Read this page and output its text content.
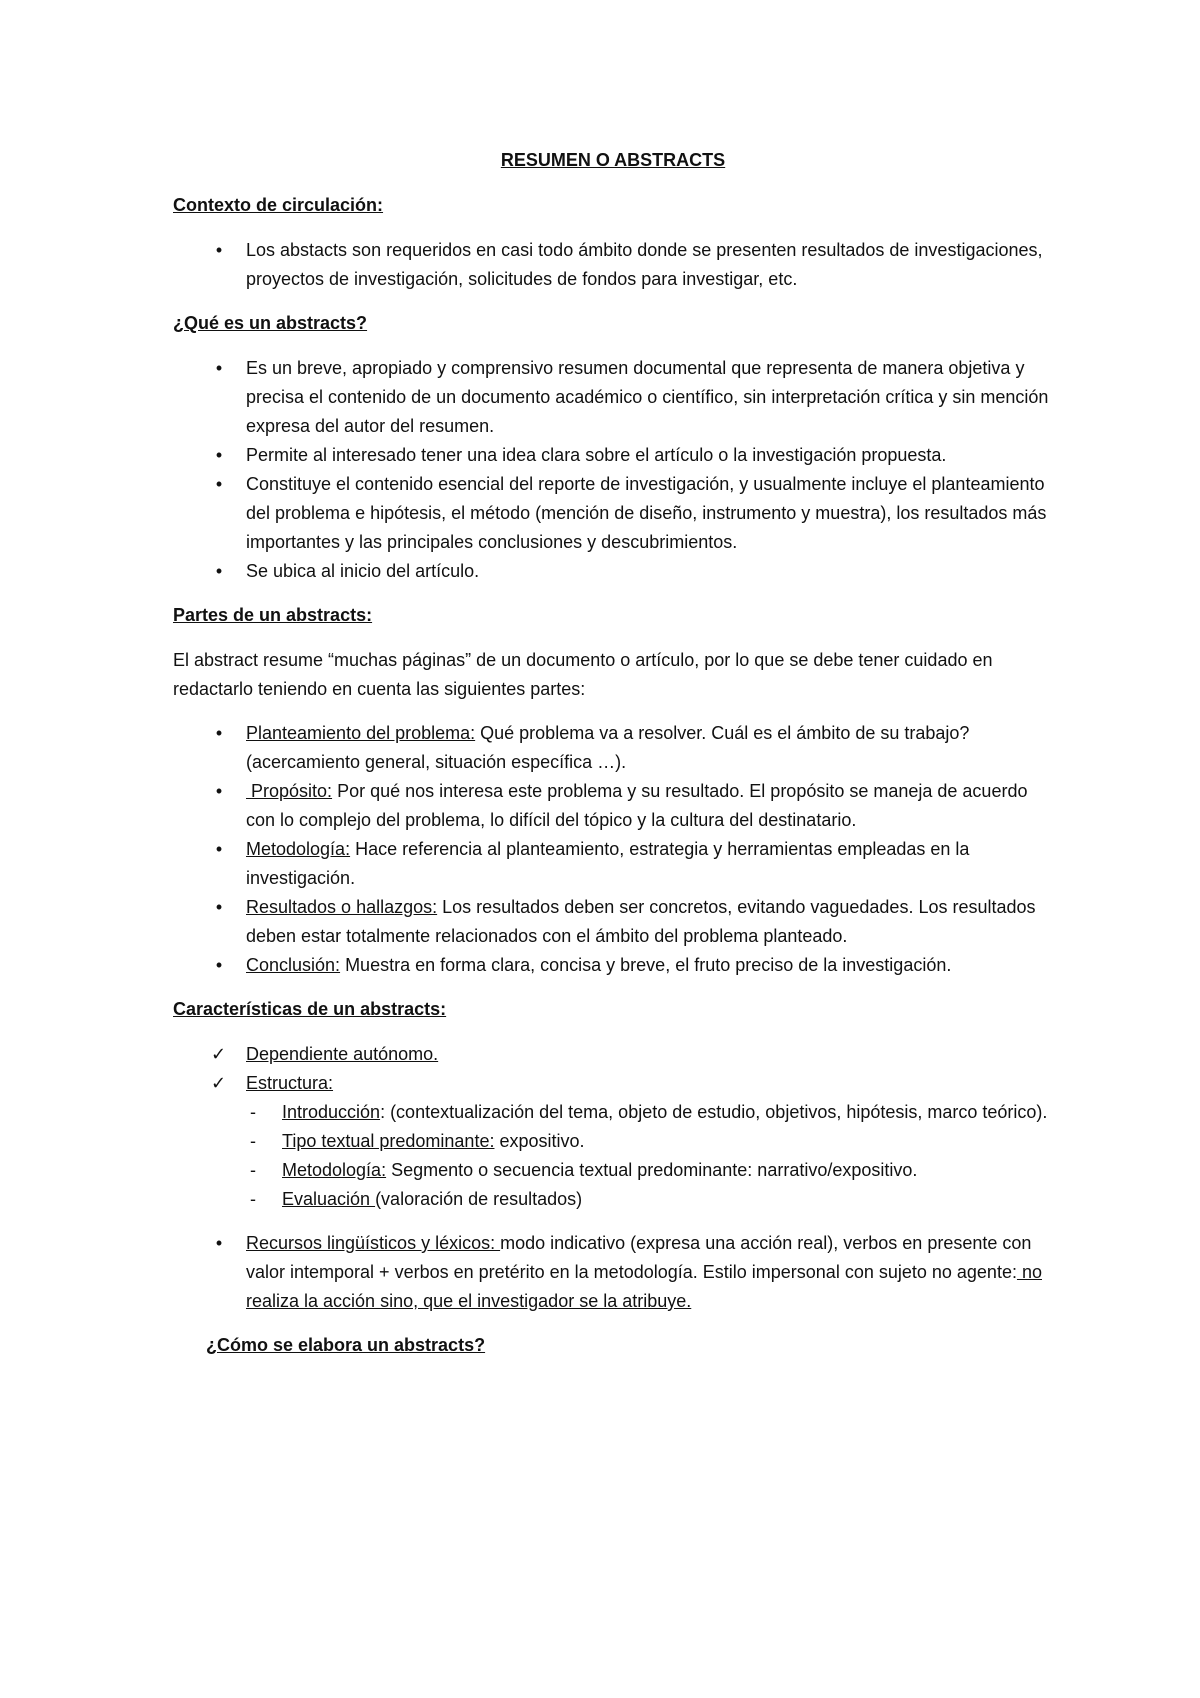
RESUMEN O ABSTRACTS
Contexto de circulación:
• Los abstacts son requeridos en casi todo ámbito donde se presenten resultados de investigaciones, proyectos de investigación, solicitudes de fondos para investigar, etc.
¿Qué es un abstracts?
• Es un breve, apropiado y comprensivo resumen documental que representa de manera objetiva y precisa el contenido de un documento académico o científico, sin interpretación crítica y sin mención expresa del autor del resumen.
• Permite al interesado tener una idea clara sobre el artículo o la investigación propuesta.
• Constituye el contenido esencial del reporte de investigación, y usualmente incluye el planteamiento del problema e hipótesis, el método (mención de diseño, instrumento y muestra), los resultados más importantes y las principales conclusiones y descubrimientos.
• Se ubica al inicio del artículo.
Partes de un abstracts:

El abstract resume “muchas páginas” de un documento o artículo, por lo que se debe tener cuidado en redactarlo teniendo en cuenta las siguientes partes:

• Planteamiento del problema: Qué problema va a resolver. Cuál es el ámbito de su trabajo? (acercamiento general, situación específica …).
• Propósito: Por qué nos interesa este problema y su resultado. El propósito se maneja de acuerdo con lo complejo del problema, lo difícil del tópico y la cultura del destinatario.
• Metodología: Hace referencia al planteamiento, estrategia y herramientas empleadas en la investigación.
• Resultados o hallazgos: Los resultados deben ser concretos, evitando vaguedades. Los resultados deben estar totalmente relacionados con el ámbito del problema planteado.
• Conclusión: Muestra en forma clara, concisa y breve, el fruto preciso de la investigación.
Características de un abstracts:
✓ Dependiente autónomo.
✓ Estructura:
- Introducción: (contextualización del tema, objeto de estudio, objetivos, hipótesis, marco teórico).
- Tipo textual predominante: expositivo.
- Metodología: Segmento o secuencia textual predominante: narrativo/expositivo.
- Evaluación (valoración de resultados)
• Recursos lingüísticos y léxicos: modo indicativo (expresa una acción real), verbos en presente con valor intemporal + verbos en pretérito en la metodología. Estilo impersonal con sujeto no agente: no realiza la acción sino, que el investigador se la atribuye.
¿Cómo se elabora un abstracts?
